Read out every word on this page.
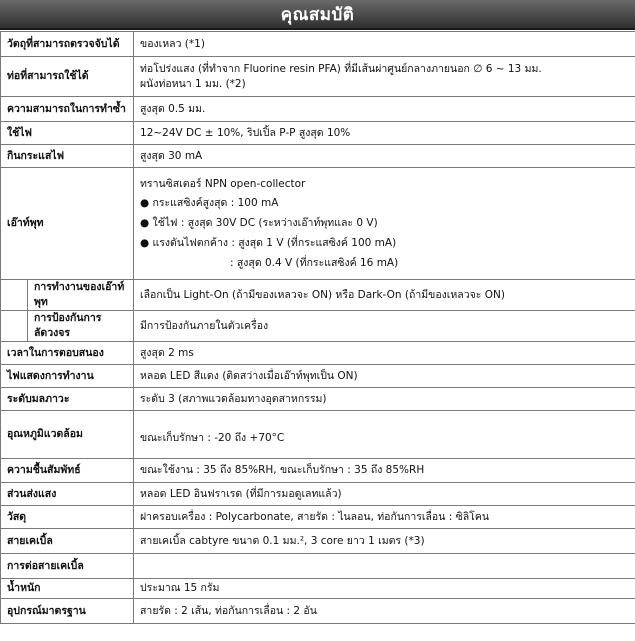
คุณสมบัติ
วัตถุที่สามารถตรวจจับได้		ของเหลว (*1)
ท่อที่สามารถใช้ได้		ท่อโปร่งแสง (ที่ทำจาก Fluorine resin PFA) ที่มีเส้นผ่าศูนย์กลางภายนอก ∅ 6 ~ 13 มม.
ผนังท่อหนา 1 มม. (*2)

ความสามารถในการทำซ้ำ		สูงสุด 0.5 มม.
ใช้ไฟ		12~24V DC ± 10%, ริปเปิ้ล P-P สูงสุด 10%
กินกระแสไฟ		สูงสุด 30 mA
เอ๊าท์พุท		ทรานซิสเตอร์ NPN open-collector
● กระแสซิงค์สูงสุด : 100 mA
● ใช้ไฟ : สูงสุด 30V DC (ระหว่างเอ๊าท์พุทและ 0 V)
● แรงดันไฟตกค้าง : สูงสุด 1 V (ที่กระแสซิงค์ 100 mA)
: สูงสุด 0.4 V (ที่กระแสซิงค์ 16 mA)

	การทำงานของเอ๊าท์พุท	เลือกเป็น Light-On (ถ้ามีของเหลวจะ ON) หรือ Dark-On (ถ้ามีของเหลวจะ ON)
	การป้องกันการลัดวงจร	มีการป้องกันภายในตัวเครื่อง
เวลาในการตอบสนอง		สูงสุด 2 ms
ไฟแสดงการทำงาน		หลอด LED สีแดง (ติดสว่างเมื่อเอ๊าท์พุทเป็น ON)
ระดับมลภาวะ		ระดับ 3 (สภาพแวดล้อมทางอุตสาหกรรม)
อุณหภูมิแวดล้อม		ขณะเก็บรักษา : -20 ถึง +70°C

ความชื้นสัมพัทธ์		ขณะใช้งาน : 35 ถึง 85%RH, ขณะเก็บรักษา : 35 ถึง 85%RH
ส่วนส่งแสง		หลอด LED อินฟราเรด (ที่มีการมอดูเลทแล้ว)
วัสดุ		ฝาครอบเครื่อง : Polycarbonate, สายรัด : ไนลอน, ท่อกันการเลื่อน : ซิลิโคน
สายเคเบิ้ล		สายเคเบิ้ล cabtyre ขนาด 0.1 มม.², 3 core ยาว 1 เมตร (*3)
การต่อสายเคเบิ้ล		
น้ำหนัก		ประมาณ 15 กรัม
อุปกรณ์มาตรฐาน		สายรัด : 2 เส้น, ท่อกันการเลื่อน : 2 อัน
